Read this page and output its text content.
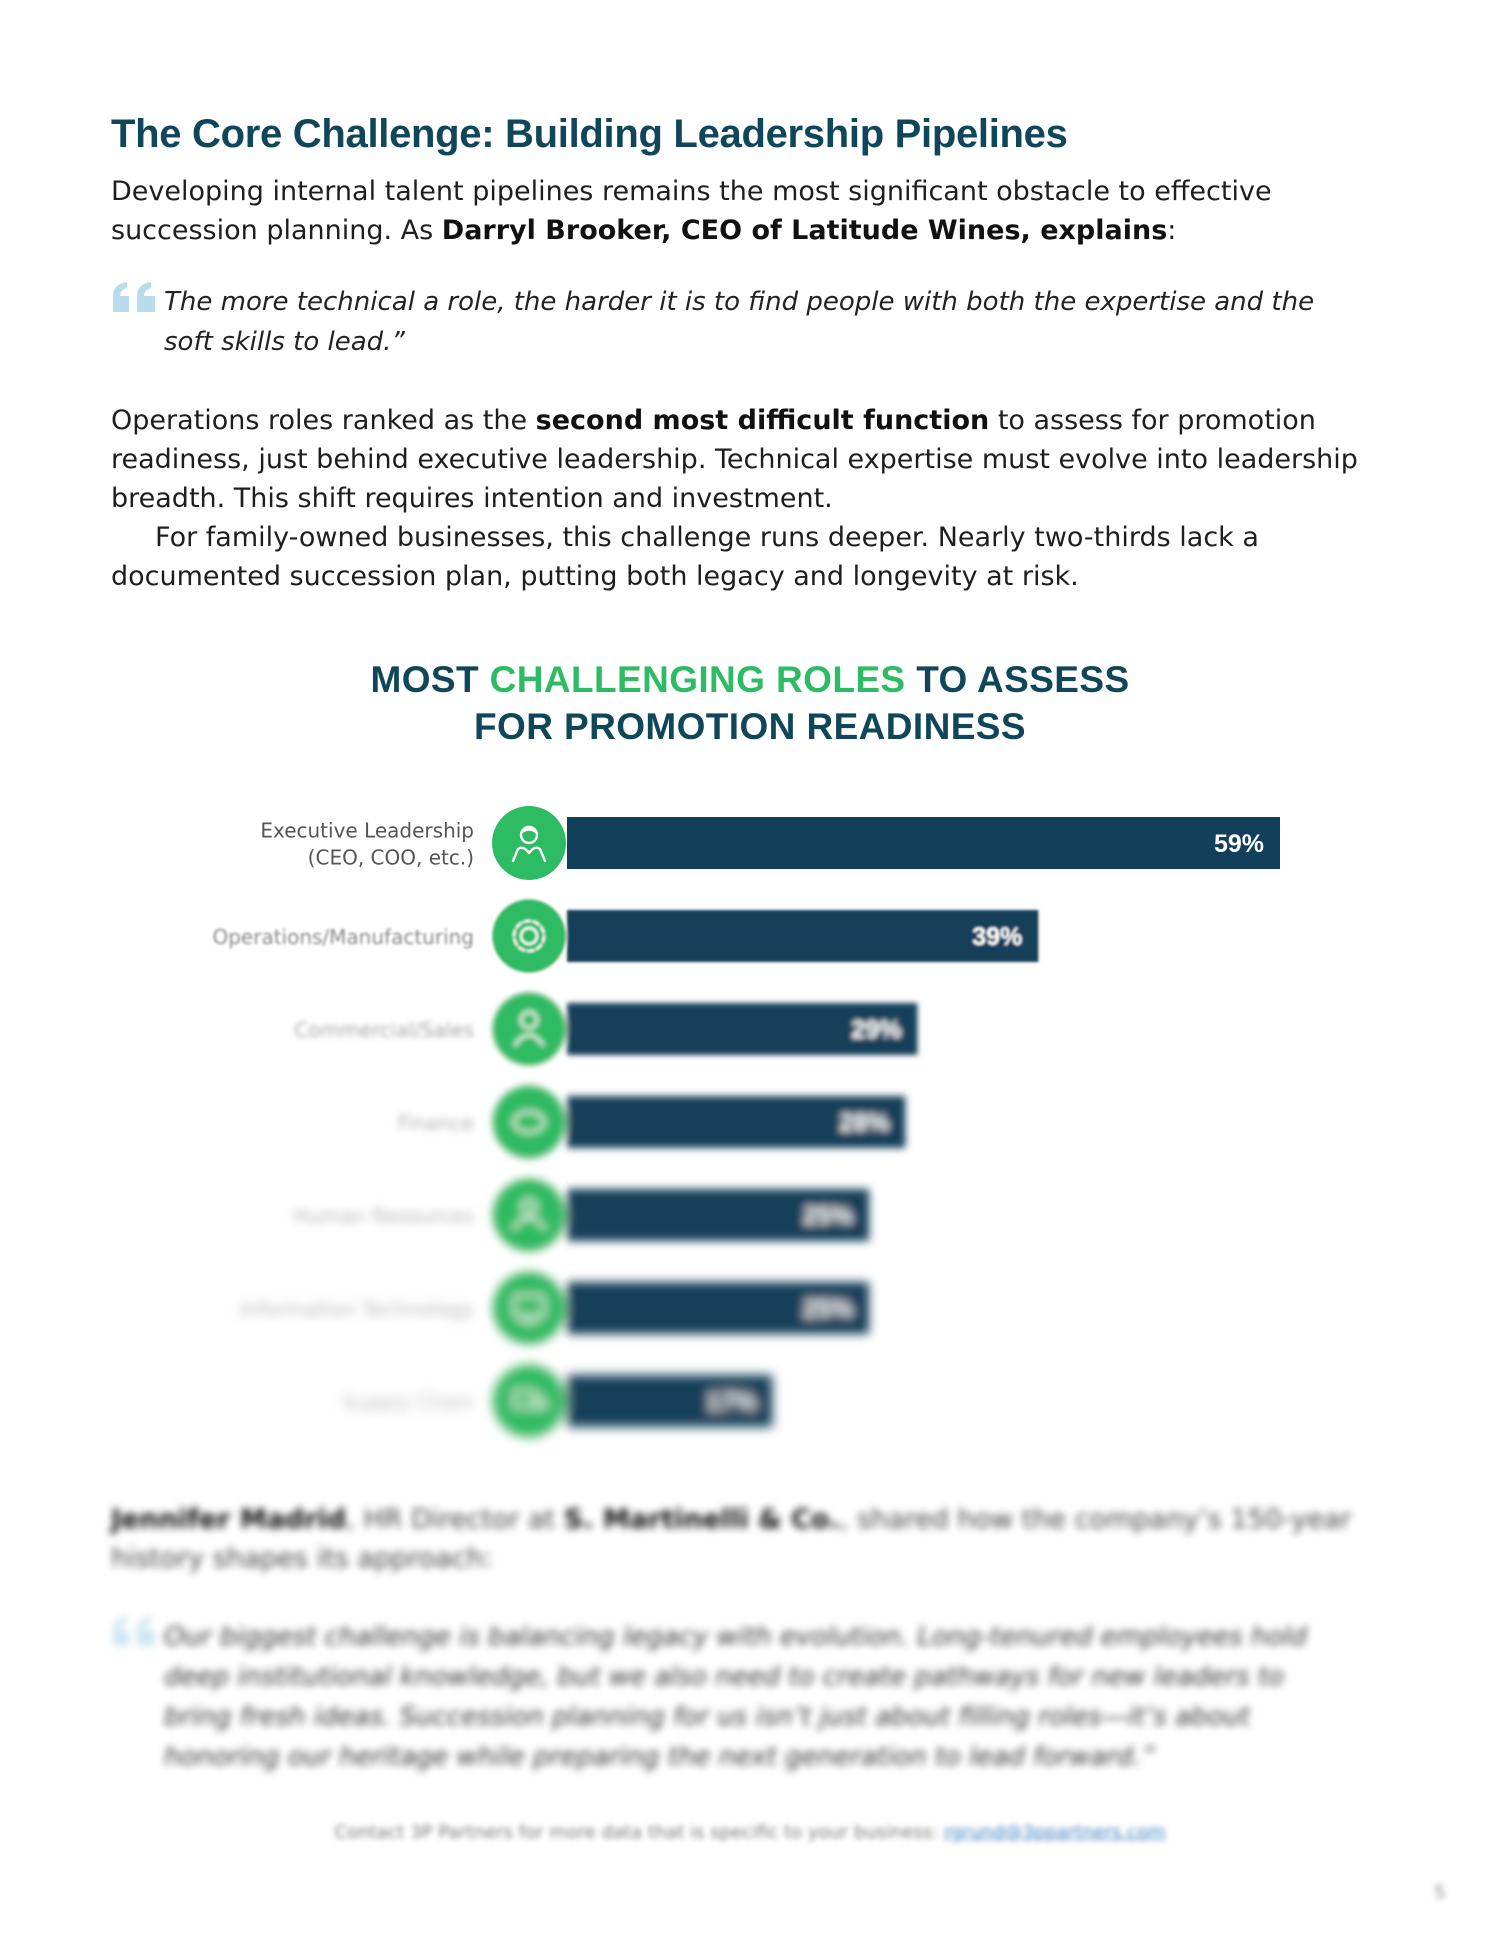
The Core Challenge: Building Leadership Pipelines

Developing internal talent pipelines remains the most significant obstacle to effective succession planning. As Darryl Brooker, CEO of Latitude Wines, explains:

The more technical a role, the harder it is to find people with both the expertise and the soft skills to lead.”

Operations roles ranked as the second most difficult function to assess for promotion readiness, just behind executive leadership. Technical expertise must evolve into leadership breadth. This shift requires intention and investment.

For family-owned businesses, this challenge runs deeper. Nearly two-thirds lack a documented succession plan, putting both legacy and longevity at risk.

MOST CHALLENGING ROLES TO ASSESS
FOR PROMOTION READINESS
59%
Executive Leadership
(CEO, COO, etc.)
39%
Operations/Manufacturing
29%
Commercial/Sales
28%
Finance
25%
Human Resources
25%
Information Technology
17%
Supply Chain

Jennifer Madrid, HR Director at S. Martinelli & Co., shared how the company’s 150-year history shapes its approach:

Our biggest challenge is balancing legacy with evolution. Long-tenured employees hold deep institutional knowledge, but we also need to create pathways for new leaders to bring fresh ideas. Succession planning for us isn’t just about filling roles—it’s about honoring our heritage while preparing the next generation to lead forward.”

Contact 3P Partners for more data that is specific to your business: rgrund@3ppartners.com

5
